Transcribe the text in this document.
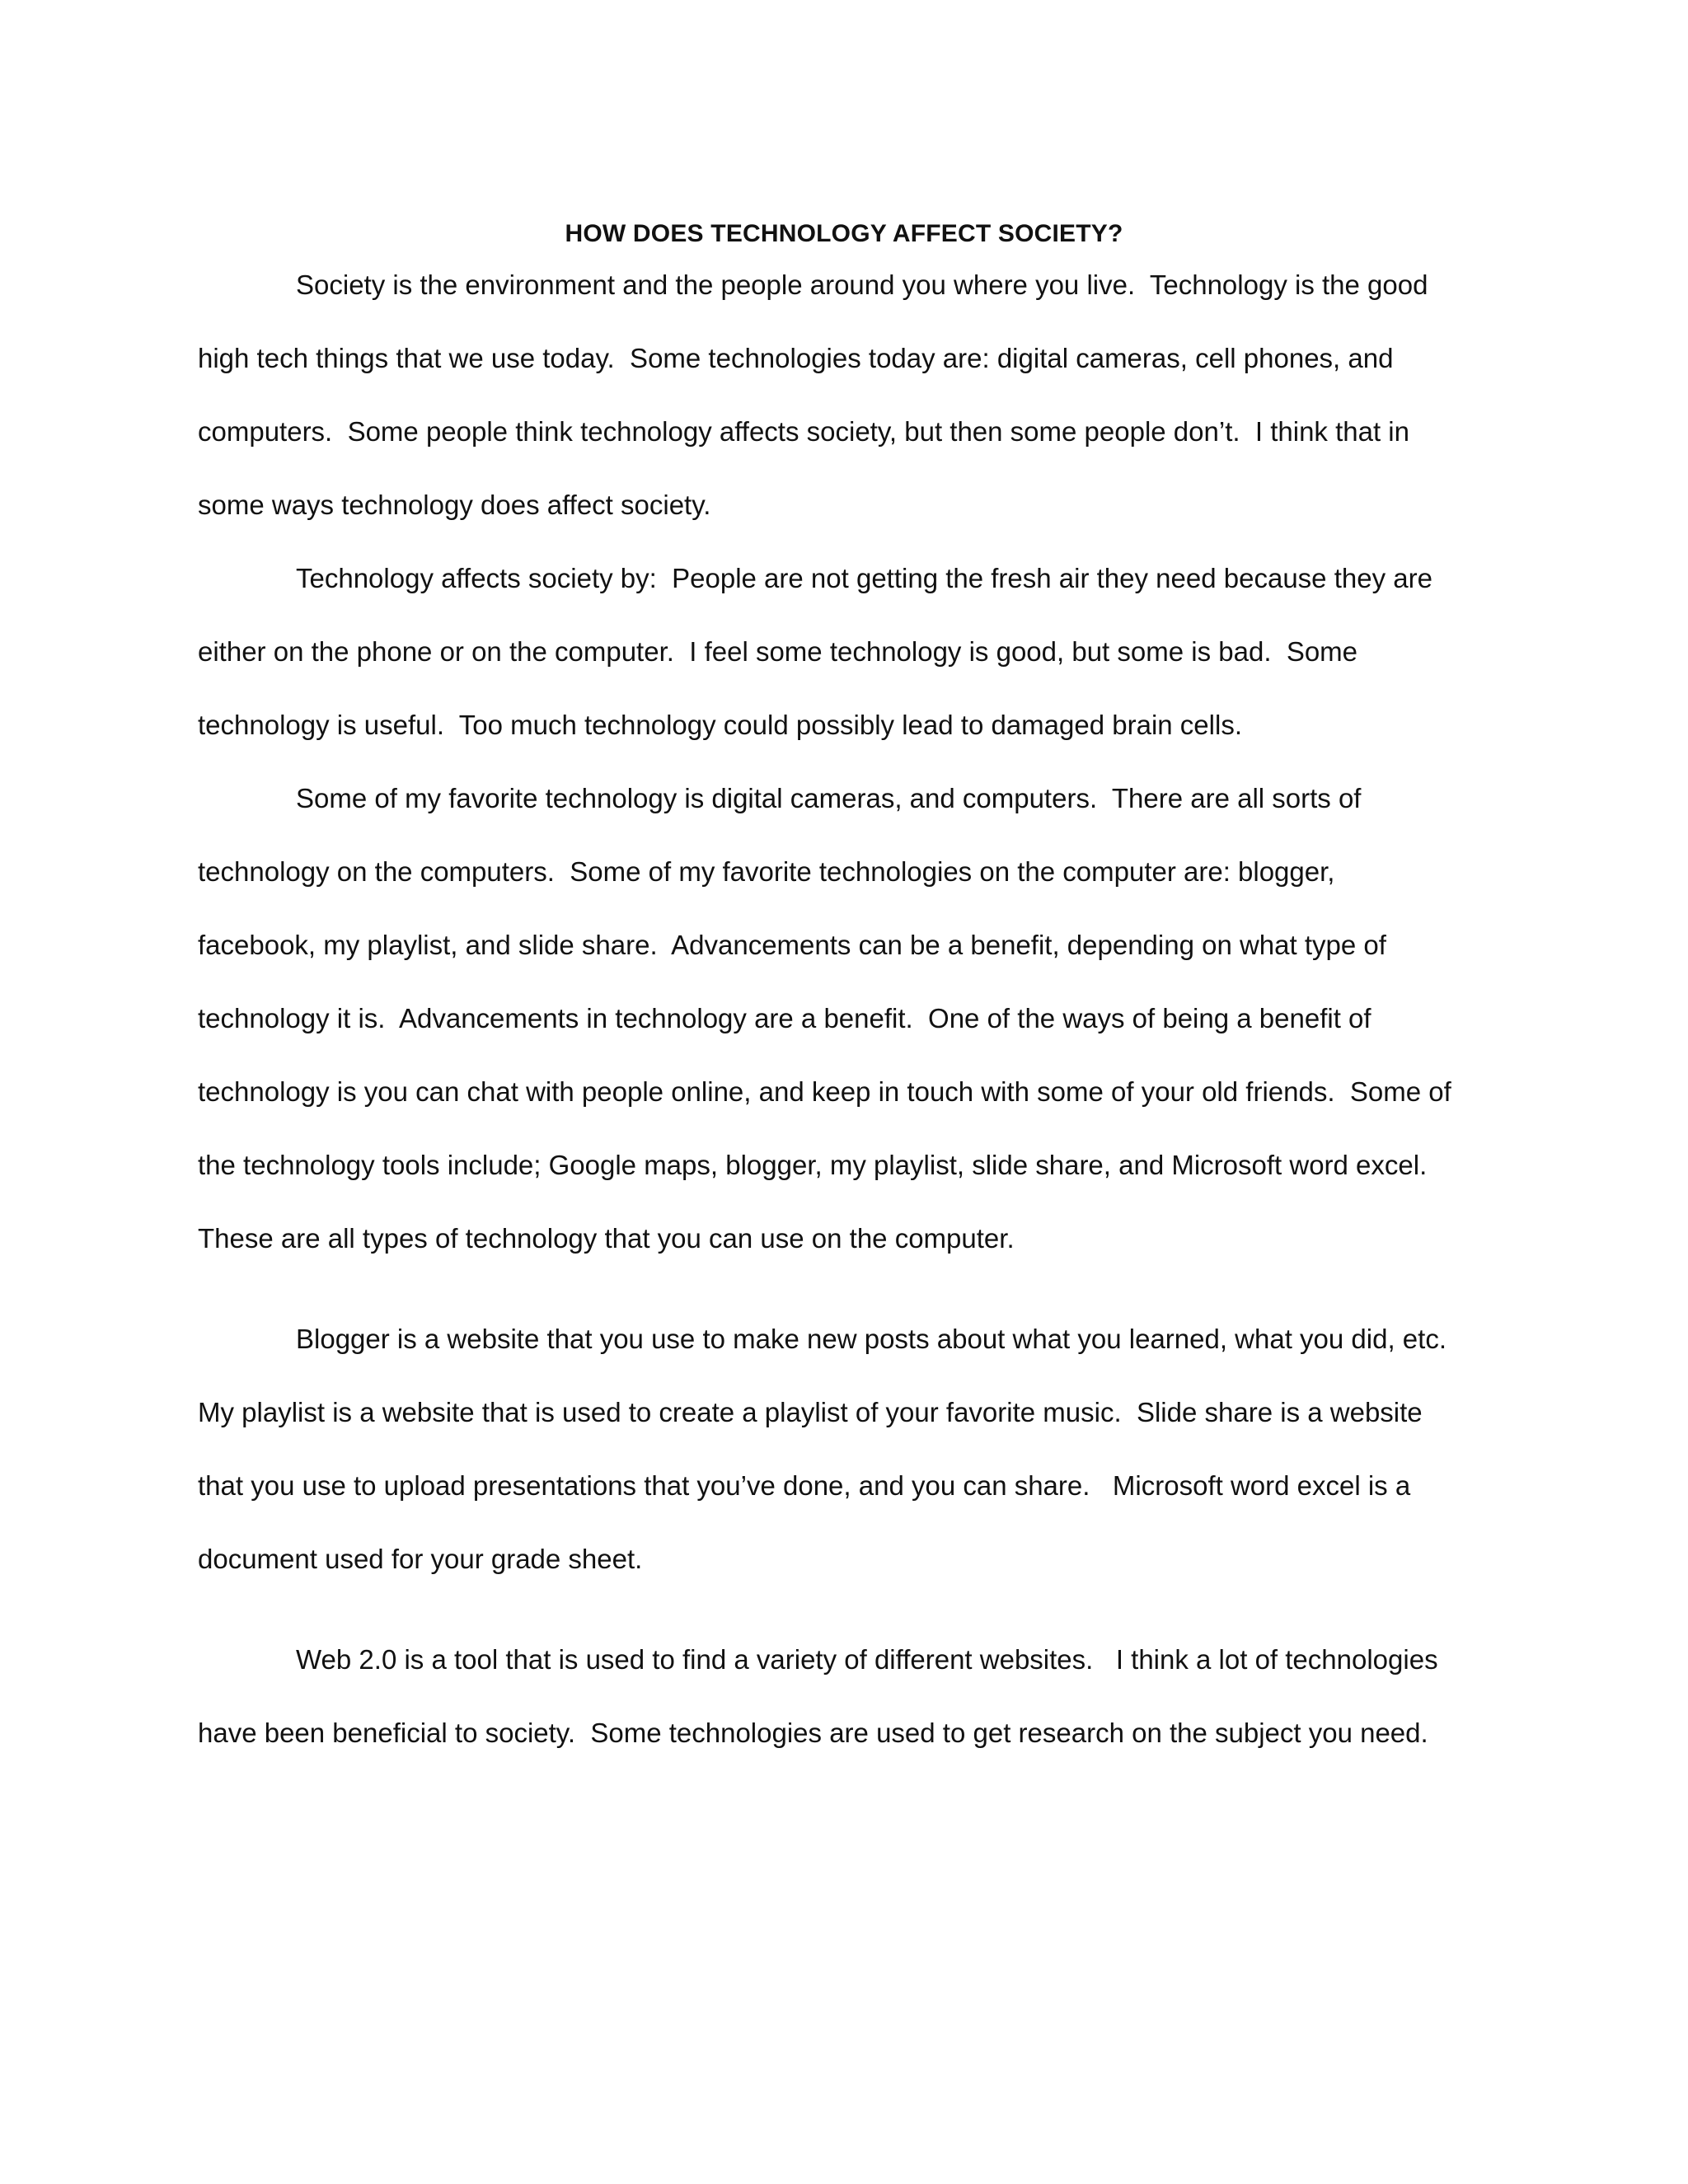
HOW DOES TECHNOLOGY AFFECT SOCIETY?
Society is the environment and the people around you where you live.  Technology is the good
high tech things that we use today.  Some technologies today are: digital cameras, cell phones, and
computers.  Some people think technology affects society, but then some people don’t.  I think that in
some ways technology does affect society.
Technology affects society by:  People are not getting the fresh air they need because they are
either on the phone or on the computer.  I feel some technology is good, but some is bad.  Some
technology is useful.  Too much technology could possibly lead to damaged brain cells.
Some of my favorite technology is digital cameras, and computers.  There are all sorts of
technology on the computers.  Some of my favorite technologies on the computer are: blogger,
facebook, my playlist, and slide share.  Advancements can be a benefit, depending on what type of
technology it is.  Advancements in technology are a benefit.  One of the ways of being a benefit of
technology is you can chat with people online, and keep in touch with some of your old friends.  Some of
the technology tools include; Google maps, blogger, my playlist, slide share, and Microsoft word excel.
These are all types of technology that you can use on the computer.
Blogger is a website that you use to make new posts about what you learned, what you did, etc.
My playlist is a website that is used to create a playlist of your favorite music.  Slide share is a website
that you use to upload presentations that you’ve done, and you can share.   Microsoft word excel is a
document used for your grade sheet.
Web 2.0 is a tool that is used to find a variety of different websites.   I think a lot of technologies
have been beneficial to society.  Some technologies are used to get research on the subject you need.
